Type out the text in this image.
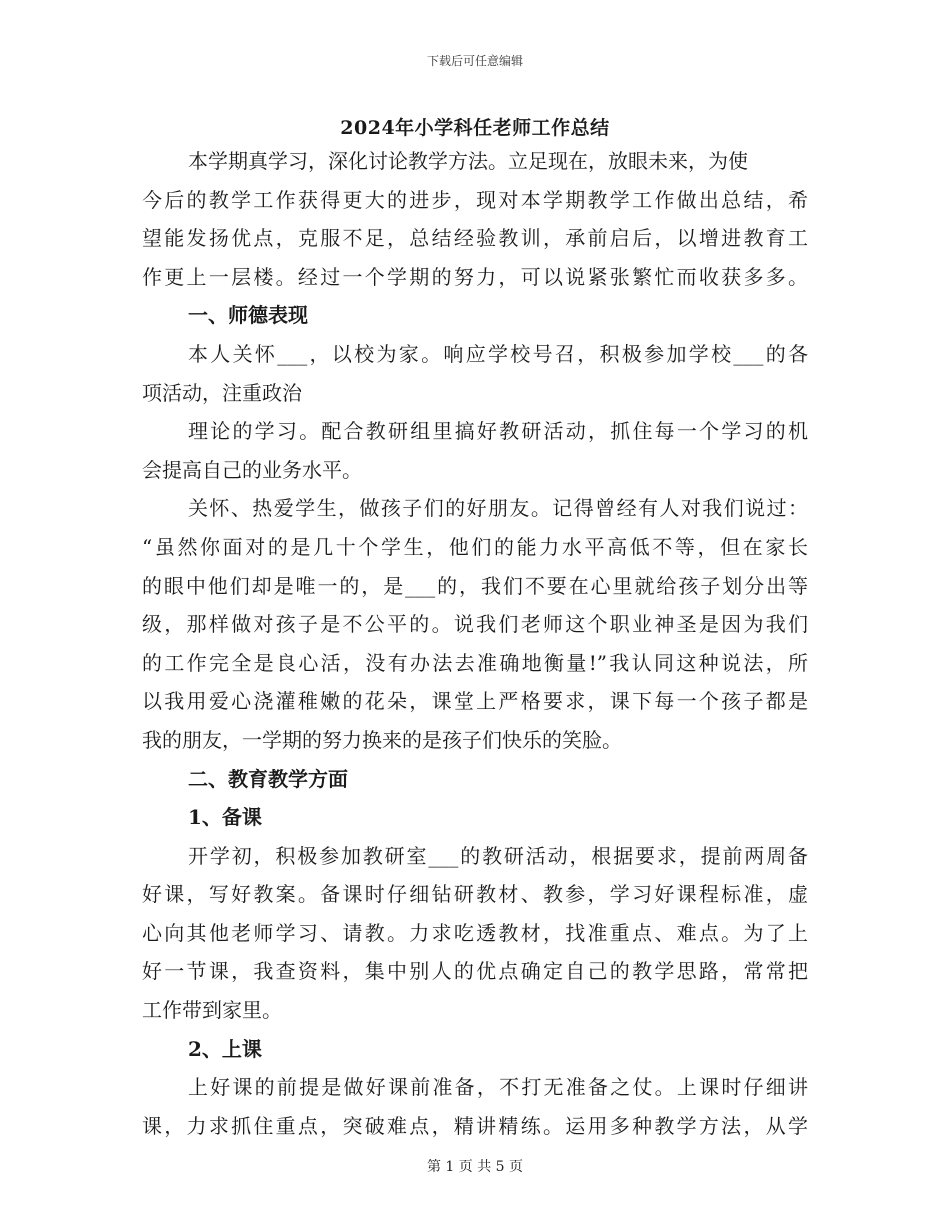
下载后可任意编辑
2024年小学科任老师工作总结
本学期真学习，深化讨论教学方法。立足现在，放眼未来，为使
今后的教学工作获得更大的进步，现对本学期教学工作做出总结，希
望能发扬优点，克服不足，总结经验教训，承前启后，以增进教育工
作更上一层楼。经过一个学期的努力，可以说紧张繁忙而收获多多。
一、师德表现
本人关怀___，以校为家。响应学校号召，积极参加学校___的各
项活动，注重政治
理论的学习。配合教研组里搞好教研活动，抓住每一个学习的机
会提高自己的业务水平。
关怀、热爱学生，做孩子们的好朋友。记得曾经有人对我们说过：
“虽然你面对的是几十个学生，他们的能力水平高低不等，但在家长
的眼中他们却是唯一的，是___的，我们不要在心里就给孩子划分出等
级，那样做对孩子是不公平的。说我们老师这个职业神圣是因为我们
的工作完全是良心活，没有办法去准确地衡量!”我认同这种说法，所
以我用爱心浇灌稚嫩的花朵，课堂上严格要求，课下每一个孩子都是
我的朋友，一学期的努力换来的是孩子们快乐的笑脸。
二、教育教学方面
1、备课
开学初，积极参加教研室___的教研活动，根据要求，提前两周备
好课，写好教案。备课时仔细钻研教材、教参，学习好课程标准，虚
心向其他老师学习、请教。力求吃透教材，找准重点、难点。为了上
好一节课，我查资料，集中别人的优点确定自己的教学思路，常常把
工作带到家里。
2、上课
上好课的前提是做好课前准备，不打无准备之仗。上课时仔细讲
课，力求抓住重点，突破难点，精讲精练。运用多种教学方法，从学
第 1 页 共 5 页
